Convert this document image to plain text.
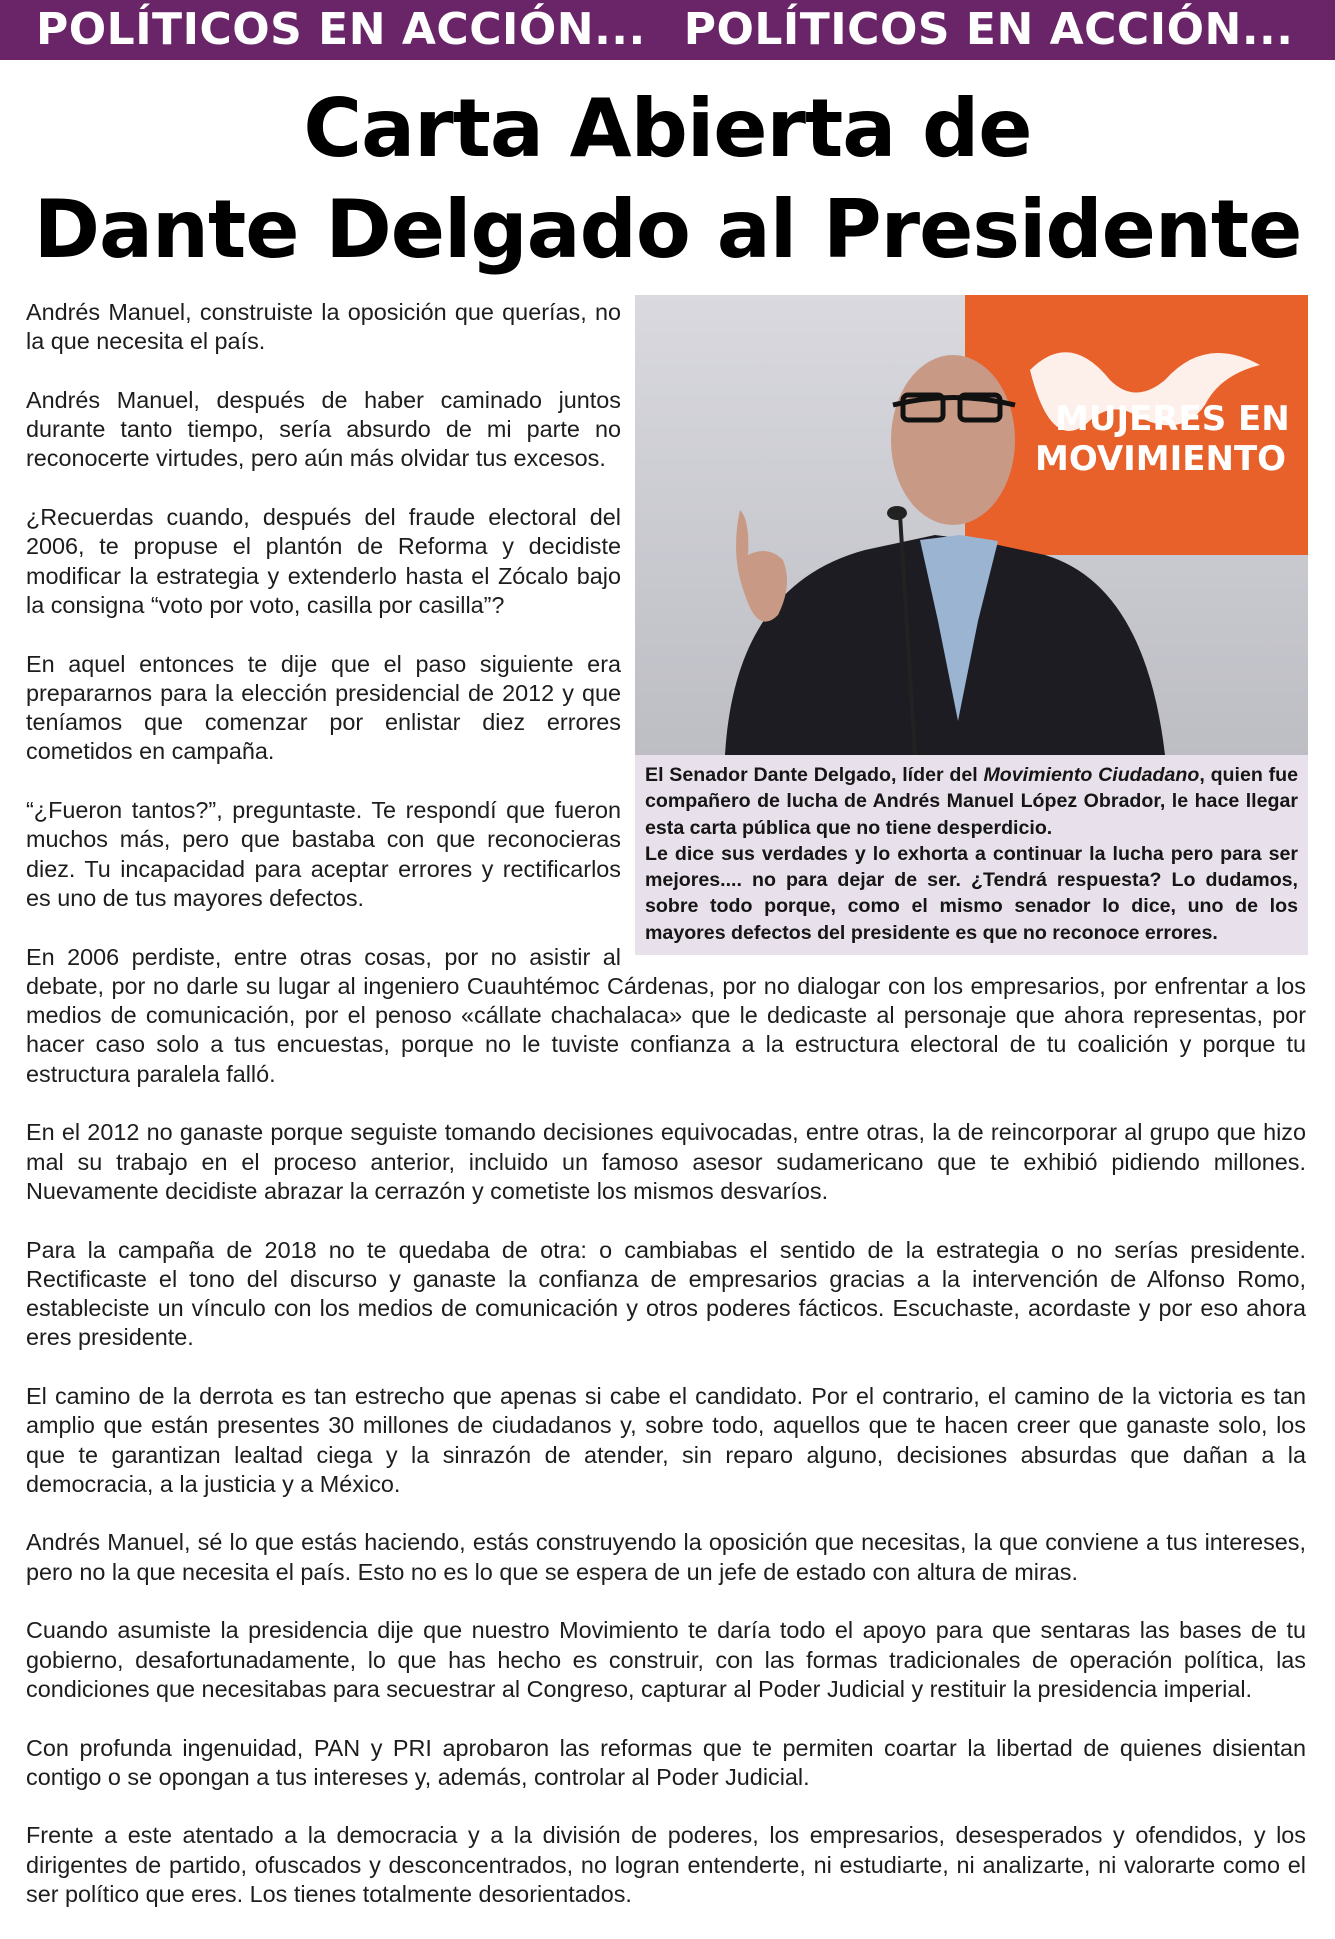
POLÍTICOS EN ACCIÓN... POLÍTICOS EN ACCIÓN...
Carta Abierta de
Dante Delgado al Presidente
MUJERES EN
MOVIMIENTO

El Senador Dante Delgado, líder del Movimiento Ciudadano, quien fue compañero de lucha de Andrés Manuel López Obrador, le hace llegar esta carta pública que no tiene desperdicio.

Le dice sus verdades y lo exhorta a continuar la lucha pero para ser mejores.... no para dejar de ser. ¿Tendrá respuesta? Lo dudamos, sobre todo porque, como el mismo senador lo dice, uno de los mayores defectos del presidente es que no reconoce errores.

Andrés Manuel, construiste la oposición que querías, no la que necesita el país.

Andrés Manuel, después de haber caminado juntos durante tanto tiempo, sería absurdo de mi parte no reconocerte virtudes, pero aún más olvidar tus excesos.

¿Recuerdas cuando, después del fraude electoral del 2006, te propuse el plantón de Reforma y decidiste modificar la estrategia y extenderlo hasta el Zócalo bajo la consigna “voto por voto, casilla por casilla”?

En aquel entonces te dije que el paso siguiente era prepararnos para la elección presidencial de 2012 y que teníamos que comenzar por enlistar diez errores cometidos en campaña.

“¿Fueron tantos?”, preguntaste. Te respondí que fueron muchos más, pero que bastaba con que reconocieras diez. Tu incapacidad para aceptar errores y rectificarlos es uno de tus mayores defectos.

En 2006 perdiste, entre otras cosas, por no asistir al debate, por no darle su lugar al ingeniero Cuauhtémoc Cárdenas, por no dialogar con los empresarios, por enfrentar a los medios de comunicación, por el penoso «cállate chachalaca» que le dedicaste al personaje que ahora representas, por hacer caso solo a tus encuestas, porque no le tuviste confianza a la estructura electoral de tu coalición y porque tu estructura paralela falló.

En el 2012 no ganaste porque seguiste tomando decisiones equivocadas, entre otras, la de reincorporar al grupo que hizo mal su trabajo en el proceso anterior, incluido un famoso asesor sudamericano que te exhibió pidiendo millones. Nuevamente decidiste abrazar la cerrazón y cometiste los mismos desvaríos.

Para la campaña de 2018 no te quedaba de otra: o cambiabas el sentido de la estrategia o no serías presidente. Rectificaste el tono del discurso y ganaste la confianza de empresarios gracias a la intervención de Alfonso Romo, estableciste un vínculo con los medios de comunicación y otros poderes fácticos. Escuchaste, acordaste y por eso ahora eres presidente.

El camino de la derrota es tan estrecho que apenas si cabe el candidato. Por el contrario, el camino de la victoria es tan amplio que están presentes 30 millones de ciudadanos y, sobre todo, aquellos que te hacen creer que ganaste solo, los que te garantizan lealtad ciega y la sinrazón de atender, sin reparo alguno, decisiones absurdas que dañan a la democracia, a la justicia y a México.

Andrés Manuel, sé lo que estás haciendo, estás construyendo la oposición que necesitas, la que conviene a tus intereses, pero no la que necesita el país. Esto no es lo que se espera de un jefe de estado con altura de miras.

Cuando asumiste la presidencia dije que nuestro Movimiento te daría todo el apoyo para que sentaras las bases de tu gobierno, desafortunadamente, lo que has hecho es construir, con las formas tradicionales de operación política, las condiciones que necesitabas para secuestrar al Congreso, capturar al Poder Judicial y restituir la presidencia imperial.

Con profunda ingenuidad, PAN y PRI aprobaron las reformas que te permiten coartar la libertad de quienes disientan contigo o se opongan a tus intereses y, además, controlar al Poder Judicial.

Frente a este atentado a la democracia y a la división de poderes, los empresarios, desesperados y ofendidos, y los dirigentes de partido, ofuscados y desconcentrados, no logran entenderte, ni estudiarte, ni analizarte, ni valorarte como el ser político que eres. Los tienes totalmente desorientados.
